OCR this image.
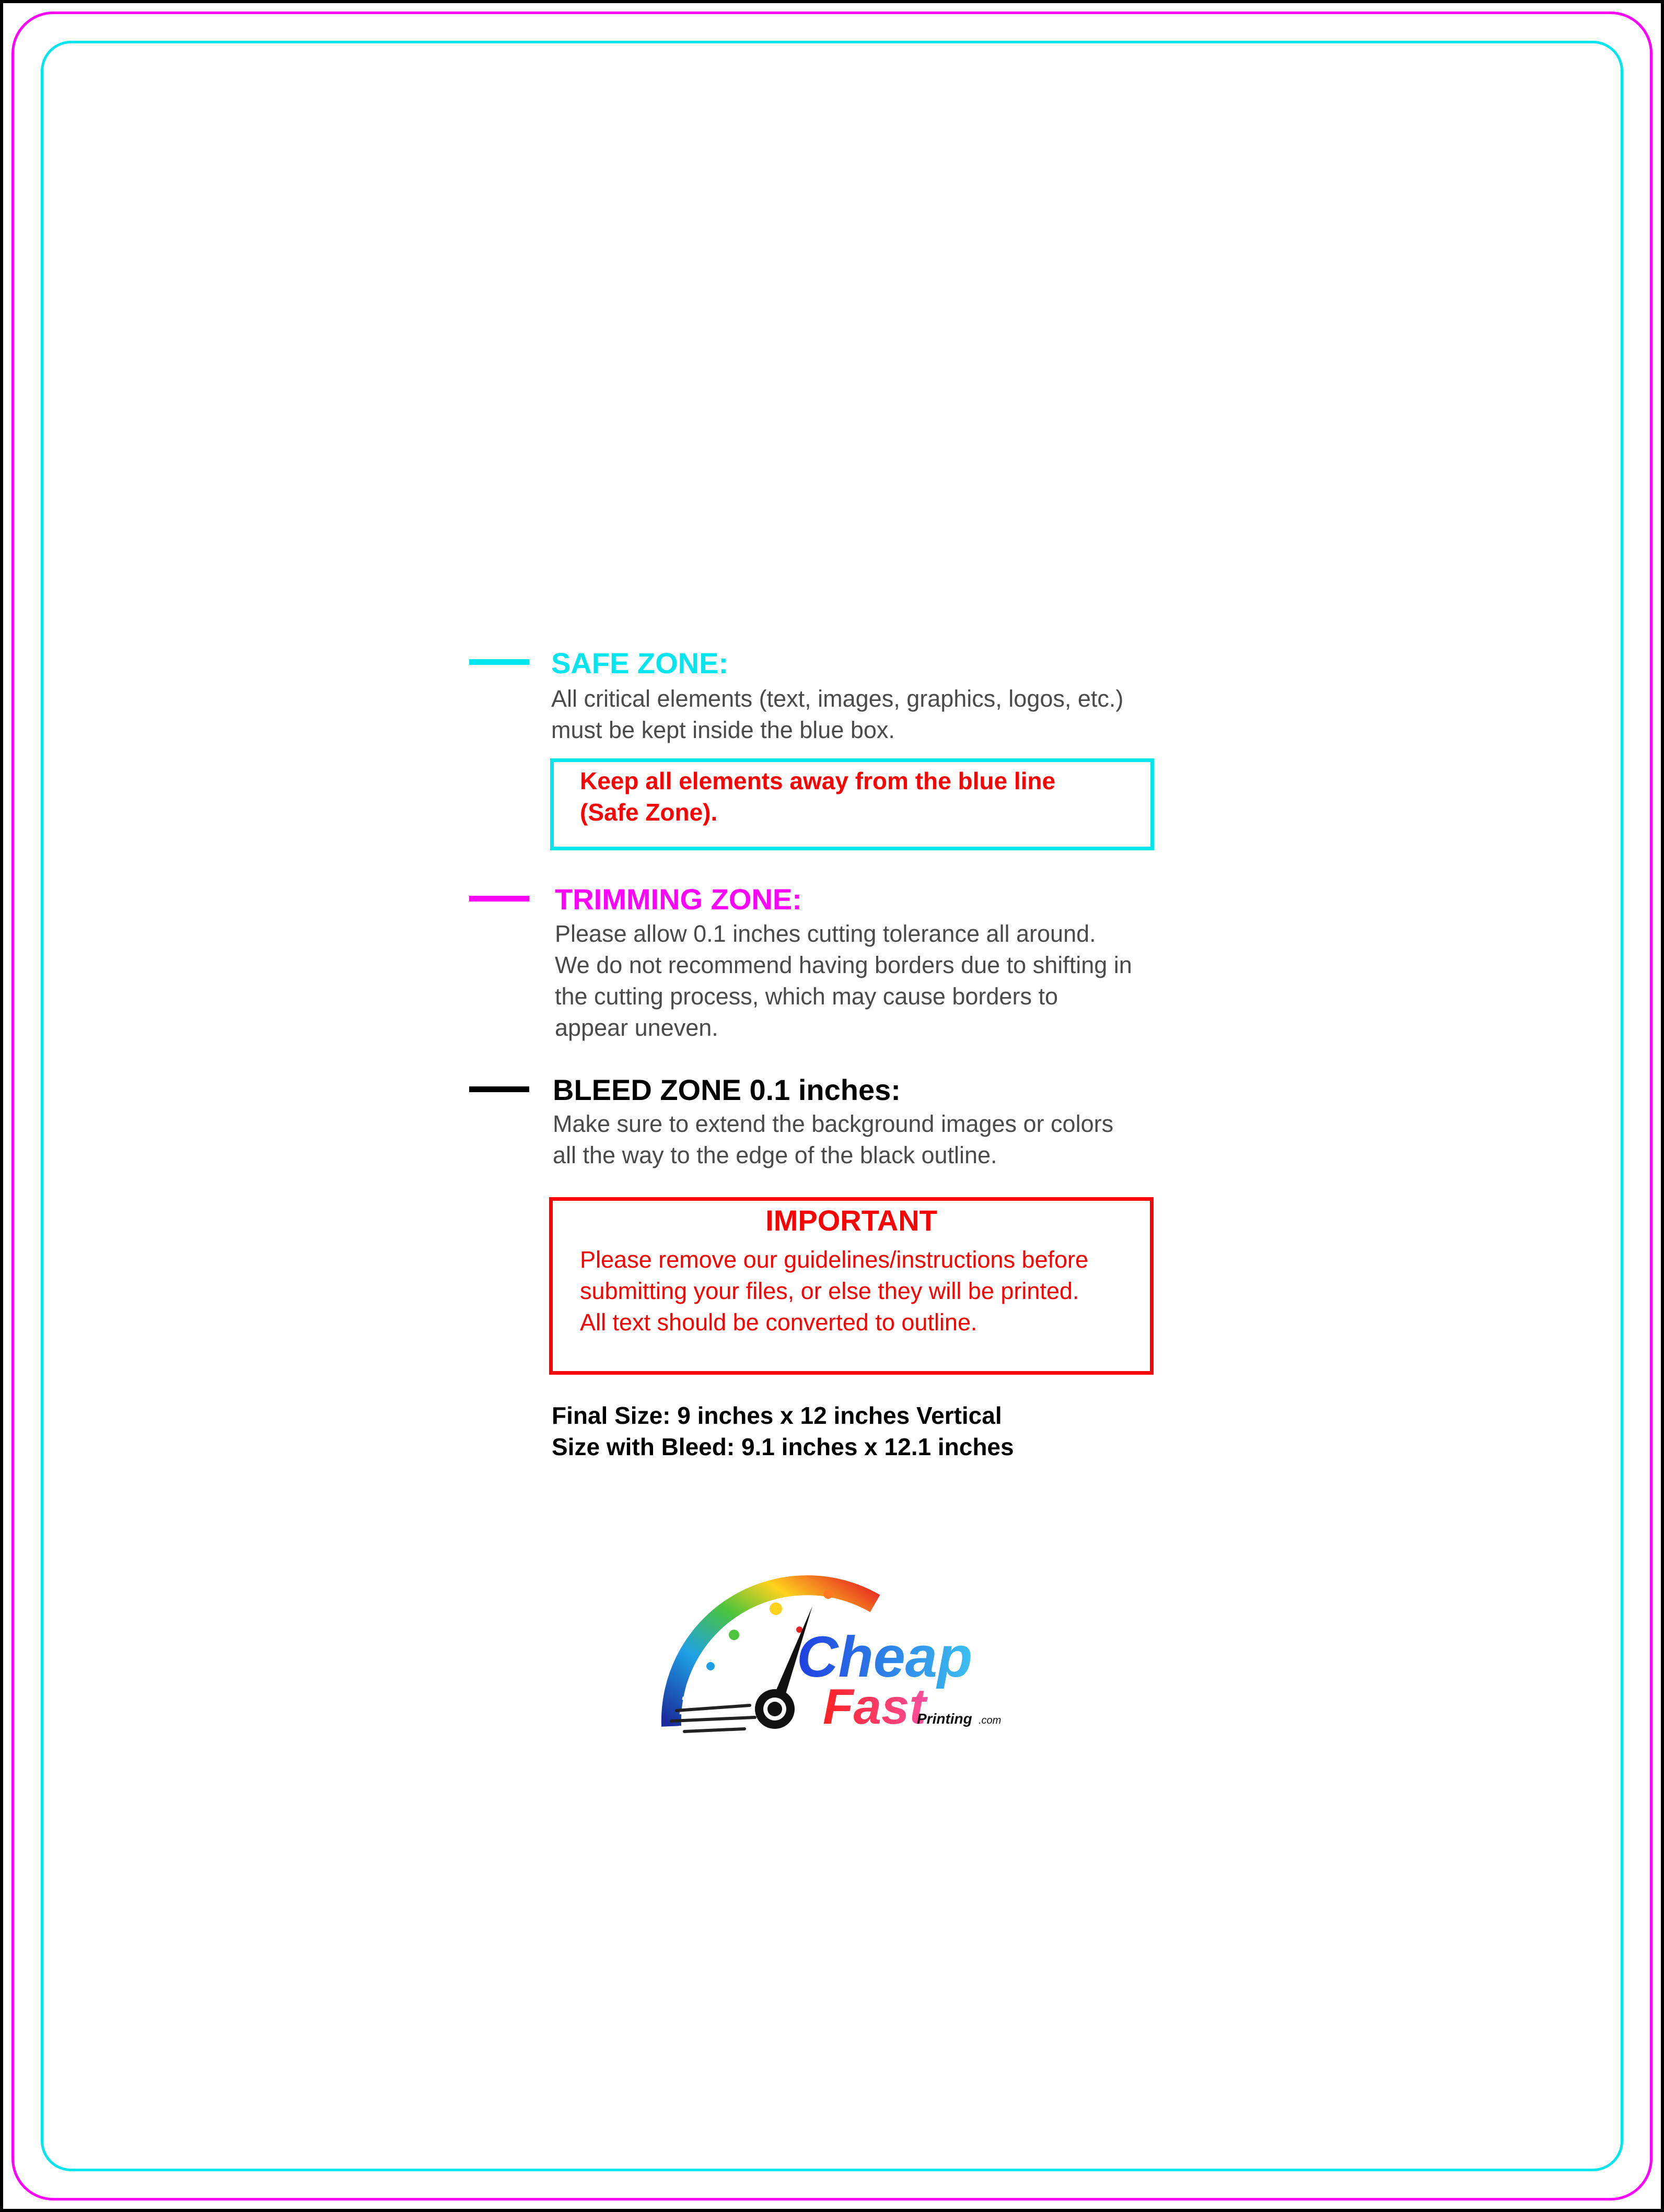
SAFE ZONE:
All critical elements (text, images, graphics, logos, etc.)
must be kept inside the blue box.
Keep all elements away from the blue line
(Safe Zone).
TRIMMING ZONE:
Please allow 0.1 inches cutting tolerance all around.
We do not recommend having borders due to shifting in
the cutting process, which may cause borders to
appear uneven.
BLEED ZONE 0.1 inches:
Make sure to extend the background images or colors
all the way to the edge of the black outline.
IMPORTANT
Please remove our guidelines/instructions before
submitting your files, or else they will be printed.
All text should be converted to outline.
Final Size: 9 inches x 12 inches Vertical
Size with Bleed: 9.1 inches x 12.1 inches
Cheap
Fast
Printing .com
